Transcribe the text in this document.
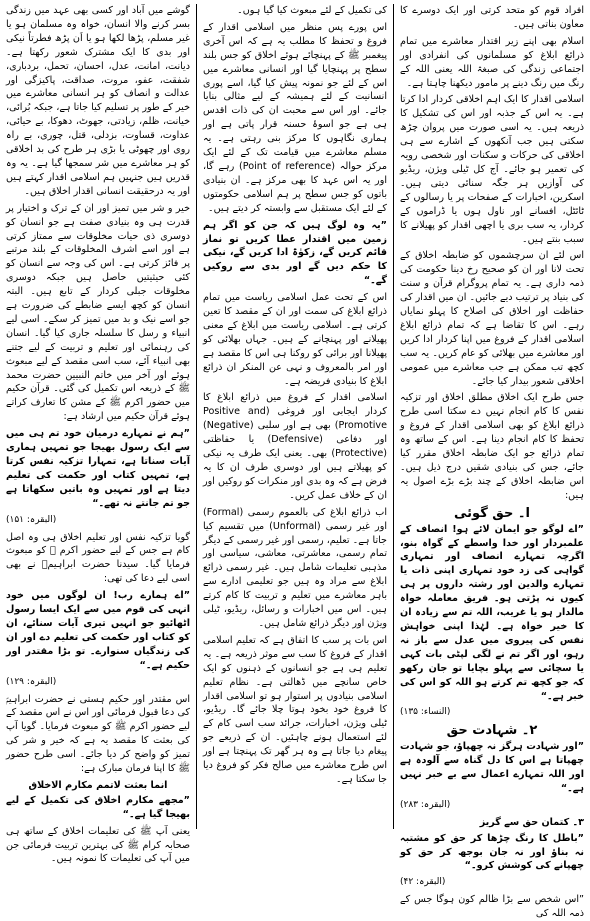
گوشے میں آباد اور کسی بھی عہد میں زندگی بسر کرنے والا انسان، خواہ وہ مسلمان ہو یا غیر مسلم، پڑھا لکھا ہو یا اَن پڑھ فطرتاً نیکی اور بدی کا ایک مشترک شعور رکھتا ہے۔ دیانت، امانت، عدل، احسان، تحمل، بردباری، شفقت، عفو، مروت، صداقت، پاکیزگی اور عدالت و انصاف کو ہر انسانی معاشرے میں خیر کے طور پر تسلیم کیا جاتا ہے، جبکہ بُرائی، خیانت، ظلم، زیادتی، جھوٹ، دھوکا، بے حیائی، عداوت، قساوت، بزدلی، قتل، چوری، بے راہ روی اور چھوٹی یا بڑی ہر طرح کی بد اخلاقی کو ہر معاشرے میں شر سمجھا گیا ہے۔ یہ وہ قدریں ہیں جنہیں ہم اسلامی اقدار کہتے ہیں اور یہ درحقیقت انسانی اقدار اخلاق ہیں۔

خیر و شر میں تمیز اور ان کے ترک و اختیار پر قدرت ہی وہ بنیادی صفت ہے جو انسان کو دوسری ذی حیات مخلوقات سے ممتاز کرتی ہے اور اسے اشرف المخلوقات کے بلند مرتبے پر فائز کرتی ہے۔ اس کی وجہ سے انسان کو کئی حیثیتیں حاصل ہیں جبکہ دوسری مخلوقات جبلی کردار کے تابع ہیں۔ البتہ انسان کو کچھ ایسے ضابطے کی ضرورت ہے جو اسے نیک و بد میں تمیز کر سکے۔ اسی لیے انبیاء و رسل کا سلسلہ جاری کیا گیا۔ انسان کی رہنمائی اور تعلیم و تربیت کے لیے جتنے بھی انبیاء آئے، سب اسی مقصد کے لیے مبعوث ہوئے اور آخر میں خاتم النبیین حضرت محمد ﷺ کے ذریعہ اس تکمیل کی گئی۔ قرآن حکیم میں حضور اکرم ﷺ کے مشن کا تعارف کراتے ہوئے قرآن حکیم میں ارشاد ہے:

”ہم نے تمہارے درمیان خود تم ہی میں سے ایک رسول بھیجا جو تمہیں ہماری آیات سناتا ہے، تمہارا تزکیہ نفس کرتا ہے، تمہیں کتاب اور حکمت کی تعلیم دیتا ہے اور تمہیں وہ باتیں سکھاتا ہے جو تم جانتے نہ تھے۔“

(البقرہ: ۱۵۱)

گویا تزکیہ نفس اور تعلیم اخلاق ہی وہ اصل کام ہے جس کے لیے حضور اکرم ﷺ کو مبعوث فرمایا گیا۔ سیدنا حضرت ابراہیمؑ نے بھی اسی لیے دعا کی تھی:

”اے ہمارے رب! ان لوگوں میں خود انہی کی قوم میں سے ایک ایسا رسول اٹھائیو جو انہیں تیری آیات سنائے، ان کو کتاب اور حکمت کی تعلیم دے اور ان کی زندگیاں سنوارے۔ تو بڑا مقتدر اور حکیم ہے۔“

(البقرہ: ۱۲۹)

اس مقتدر اور حکیم ہستی نے حضرت ابراہیمؑ کی دعا قبول فرمائی اور اس نے اس مقصد کے لیے حضور اکرم ﷺ کو مبعوث فرمایا۔ گویا آپ کی بعثت کا مقصد یہ ہے کہ خیر و شر کی تمیز کو واضح کر دیا جائے۔ اسی طرح حضور ﷺ کا اپنا فرمان مبارک ہے:

انما بعثت لاتمم مکارم الاخلاق

”مجھے مکارم اخلاق کی تکمیل کے لیے بھیجا گیا ہے۔“

یعنی آپ ﷺ کی تعلیمات اخلاق کے ساتھ ہی صحابہ کرام ﷺ کی بہترین تربیت فرمائی جن میں آپ کی تعلیمات کا نمونہ ہیں۔

کی تکمیل کے لئے مبعوث کیا گیا ہوں۔

اس پورے پس منظر میں اسلامی اقدار کے فروغ و تحفظ کا مطلب یہ ہے کہ اس آخری پیغمبر ﷺ کے پہنچائے ہوئے اخلاق کو جس بلند سطح پر پہنچایا گیا اور انسانی معاشرے میں اس کے لئے جو نمونہ پیش کیا گیا، اسے پوری انسانیت کے لئے ہمیشہ کے لیے مثالی بنایا جائے۔ اور اس سے محبت ان کی ذات اقدس ہی ہے جو اسوۂ حسنہ قرار پاتی ہے اور ہماری نگاہوں کا مرکز بنی رہتی ہے۔ یہ مسلم معاشرے میں قیامت تک کے لئے ایک مرکز حوالہ (Point of reference) رہے گا، اور یہ اس عہد کا بھی مرکز ہے۔ ان بنیادی باتوں کو جس سطح پر ہم اسلامی حکومتوں کے لئے ایک مستقبل سے وابستہ کر دیتے ہیں۔

”یہ وہ لوگ ہیں کہ جن کو اگر ہم زمین میں اقتدار عطا کریں تو نماز قائم کریں گے، زکوٰۃ ادا کریں گے، نیکی کا حکم دیں گے اور بدی سے روکیں گے۔“

اس کے تحت عمل اسلامی ریاست میں تمام ذرائع ابلاغ کی سمت اور ان کے مقصد کا تعین کرتی ہے۔ اسلامی ریاست میں ابلاغ کے معنی پھیلانے اور پہنچانے کے ہیں۔ جہاں بھلائی کو پھیلانا اور برائی کو روکنا ہی اس کا مقصد ہے اور امر بالمعروف و نہی عن المنکر ان ذرائع ابلاغ کا بنیادی فریضہ ہے۔

اسلامی اقدار کے فروغ میں ذرائع ابلاغ کا کردار ایجابی اور فروغی (Positive and Promotive) بھی ہے اور سلبی (Negative) اور دفاعی (Defensive) یا حفاظتی (Protective) بھی۔ یعنی ایک طرف یہ نیکی کو پھیلاتے ہیں اور دوسری طرف ان کا یہ فرض ہے کہ وہ بدی اور منکرات کو روکیں اور ان کے خلاف عمل کریں۔

اب ذرائع ابلاغ کی بالعموم رسمی (Formal) اور غیر رسمی (Unformal) میں تقسیم کیا جاتا ہے۔ تعلیم، رسمی اور غیر رسمی کے دیگر تمام رسمی، معاشرتی، معاشی، سیاسی اور مذہبی تعلیمات شامل ہیں۔ غیر رسمی ذرائع ابلاغ سے مراد وہ ہیں جو تعلیمی ادارے سے باہر معاشرے میں تعلیم و تربیت کا کام کرتے ہیں۔ اس میں اخبارات و رسائل، ریڈیو، ٹیلی ویژن اور دیگر ذرائع شامل ہیں۔

اس بات پر سب کا اتفاق ہے کہ تعلیم اسلامی اقدار کے فروغ کا سب سے موثر ذریعہ ہے۔ یہ تعلیم ہی ہے جو انسانوں کے ذہنوں کو ایک خاص سانچے میں ڈھالتی ہے۔ نظام تعلیم اسلامی بنیادوں پر استوار ہو تو اسلامی اقدار کا فروغ خود بخود ہوتا چلا جائے گا۔ ریڈیو، ٹیلی ویژن، اخبارات، جرائد سب اسی کام کے لئے استعمال ہونے چاہئیں۔ ان کے ذریعے جو پیغام دیا جاتا ہے وہ ہر گھر تک پہنچتا ہے اور اس طرح معاشرے میں صالح فکر کو فروغ دیا جا سکتا ہے۔

افراد قوم کو متحد کرتی اور ایک دوسرے کا معاون بناتی ہیں۔

اسلام بھی اپنے زیر اقتدار معاشرے میں تمام ذرائع ابلاغ کو مسلمانوں کی انفرادی اور اجتماعی زندگی کی صبغۃ اللہ یعنی اللہ کے رنگ میں رنگ دینے پر مامور دیکھنا چاہتا ہے۔

اسلامی اقدار کا ایک اہم اخلاقی کردار ادا کرتا ہے۔ یہ اس کے جذبہ اور اس کی تشکیل کا ذریعہ ہیں۔ یہ اسی صورت میں پروان چڑھ سکتی ہیں جب آنکھوں کے اشارے سے ہی اخلاقی کی حرکات و سکنات اور شخصی رویہ کی تعمیر ہو جائے۔ آج کل ٹیلی ویژن، ریڈیو کی آوازیں ہر جگہ سنائی دیتی ہیں۔ اسکرین، اخبارات کے صفحات پر یا رسالوں کے ٹائٹل، افسانے اور ناول ہوں یا ڈراموں کے کردار، یہ سب بری یا اچھی اقدار کو پھیلانے کا سبب بنتے ہیں۔

اس لئے ان سرچشموں کو ضابطہ اخلاق کے تحت لانا اور ان کو صحیح رخ دینا حکومت کی ذمہ داری ہے۔ یہ تمام پروگرام قرآن و سنت کی بنیاد پر ترتیب دیے جائیں۔ ان میں اقدار کی حفاظت اور اخلاق کی اصلاح کا پہلو نمایاں رہے۔ اس کا تقاضا ہے کہ تمام ذرائع ابلاغ اسلامی اقدار کے فروغ میں اپنا کردار ادا کریں اور معاشرے میں بھلائی کو عام کریں۔ یہ سب کچھ تب ممکن ہے جب معاشرے میں عمومی اخلاقی شعور بیدار کیا جائے۔

جس طرح ایک اخلاق مطلق اخلاق اور تزکیہ نفس کا کام انجام نہیں دے سکتا اسی طرح ذرائع ابلاغ کو بھی اسلامی اقدار کے فروغ و تحفظ کا کام انجام دینا ہے۔ اس کے ساتھ وہ تمام ذرائع جو ایک ضابطہ اخلاق مقرر کیا جائے، جس کی بنیادی شقیں درج ذیل ہیں۔ اس ضابطہ اخلاق کے چند بڑے بڑے اصول یہ ہیں:

ا۔ حق گوئی

”اے لوگو جو ایمان لائے ہو! انصاف کے علمبردار اور خدا واسطے کے گواہ بنو، اگرچہ تمہارے انصاف اور تمہاری گواہی کی زد خود تمہاری اپنی ذات یا تمہارے والدین اور رشتہ داروں پر ہی کیوں نہ پڑتی ہو۔ فریق معاملہ خواہ مالدار ہو یا غریب، اللہ تم سے زیادہ ان کا خیر خواہ ہے۔ لہٰذا اپنی خواہش نفس کی پیروی میں عدل سے باز نہ رہو، اور اگر تم نے لگی لپٹی بات کہی یا سچائی سے پہلو بچایا تو جان رکھو کہ جو کچھ تم کرتے ہو اللہ کو اس کی خبر ہے۔“

(النساء: ۱۳۵)

۲۔ شہادت حق

”اور شہادت ہرگز نہ چھپاؤ، جو شہادت چھپاتا ہے اس کا دل گناہ سے آلودہ ہے اور اللہ تمہارے اعمال سے بے خبر نہیں ہے۔“

(البقرہ: ۲۸۳)

۳۔ کتمان حق سے گریز

”باطل کا رنگ چڑھا کر حق کو مشتبہ نہ بناؤ اور نہ جان بوجھ کر حق کو چھپانے کی کوشش کرو۔“

(البقرہ: ۴۲)

”اس شخص سے بڑا ظالم کون ہوگا جس کے ذمہ اللہ کی
